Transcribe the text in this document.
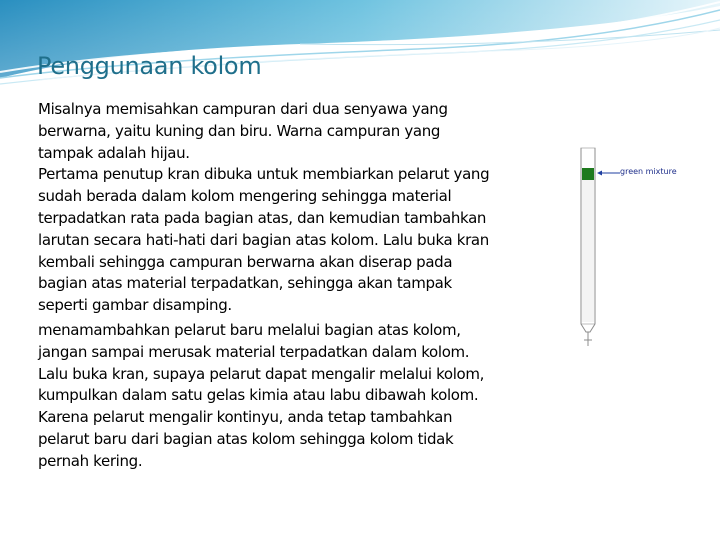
Penggunaan kolom

Misalnya memisahkan campuran dari dua senyawa yang
berwarna, yaitu kuning dan biru. Warna campuran yang
tampak adalah hijau.

Pertama penutup kran dibuka untuk membiarkan pelarut yang
sudah berada dalam kolom mengering sehingga material
terpadatkan rata pada bagian atas, dan kemudian tambahkan
larutan secara hati-hati dari bagian atas kolom. Lalu buka kran
kembali sehingga campuran berwarna akan diserap pada
bagian atas material terpadatkan, sehingga akan tampak
seperti gambar disamping.

menamambahkan pelarut baru melalui bagian atas kolom,
jangan sampai merusak material terpadatkan dalam kolom.
Lalu buka kran, supaya pelarut dapat mengalir melalui kolom,
kumpulkan dalam satu gelas kimia atau labu dibawah kolom.
Karena pelarut mengalir kontinyu, anda tetap tambahkan
pelarut baru dari bagian atas kolom sehingga kolom tidak
pernah kering.

green mixture
